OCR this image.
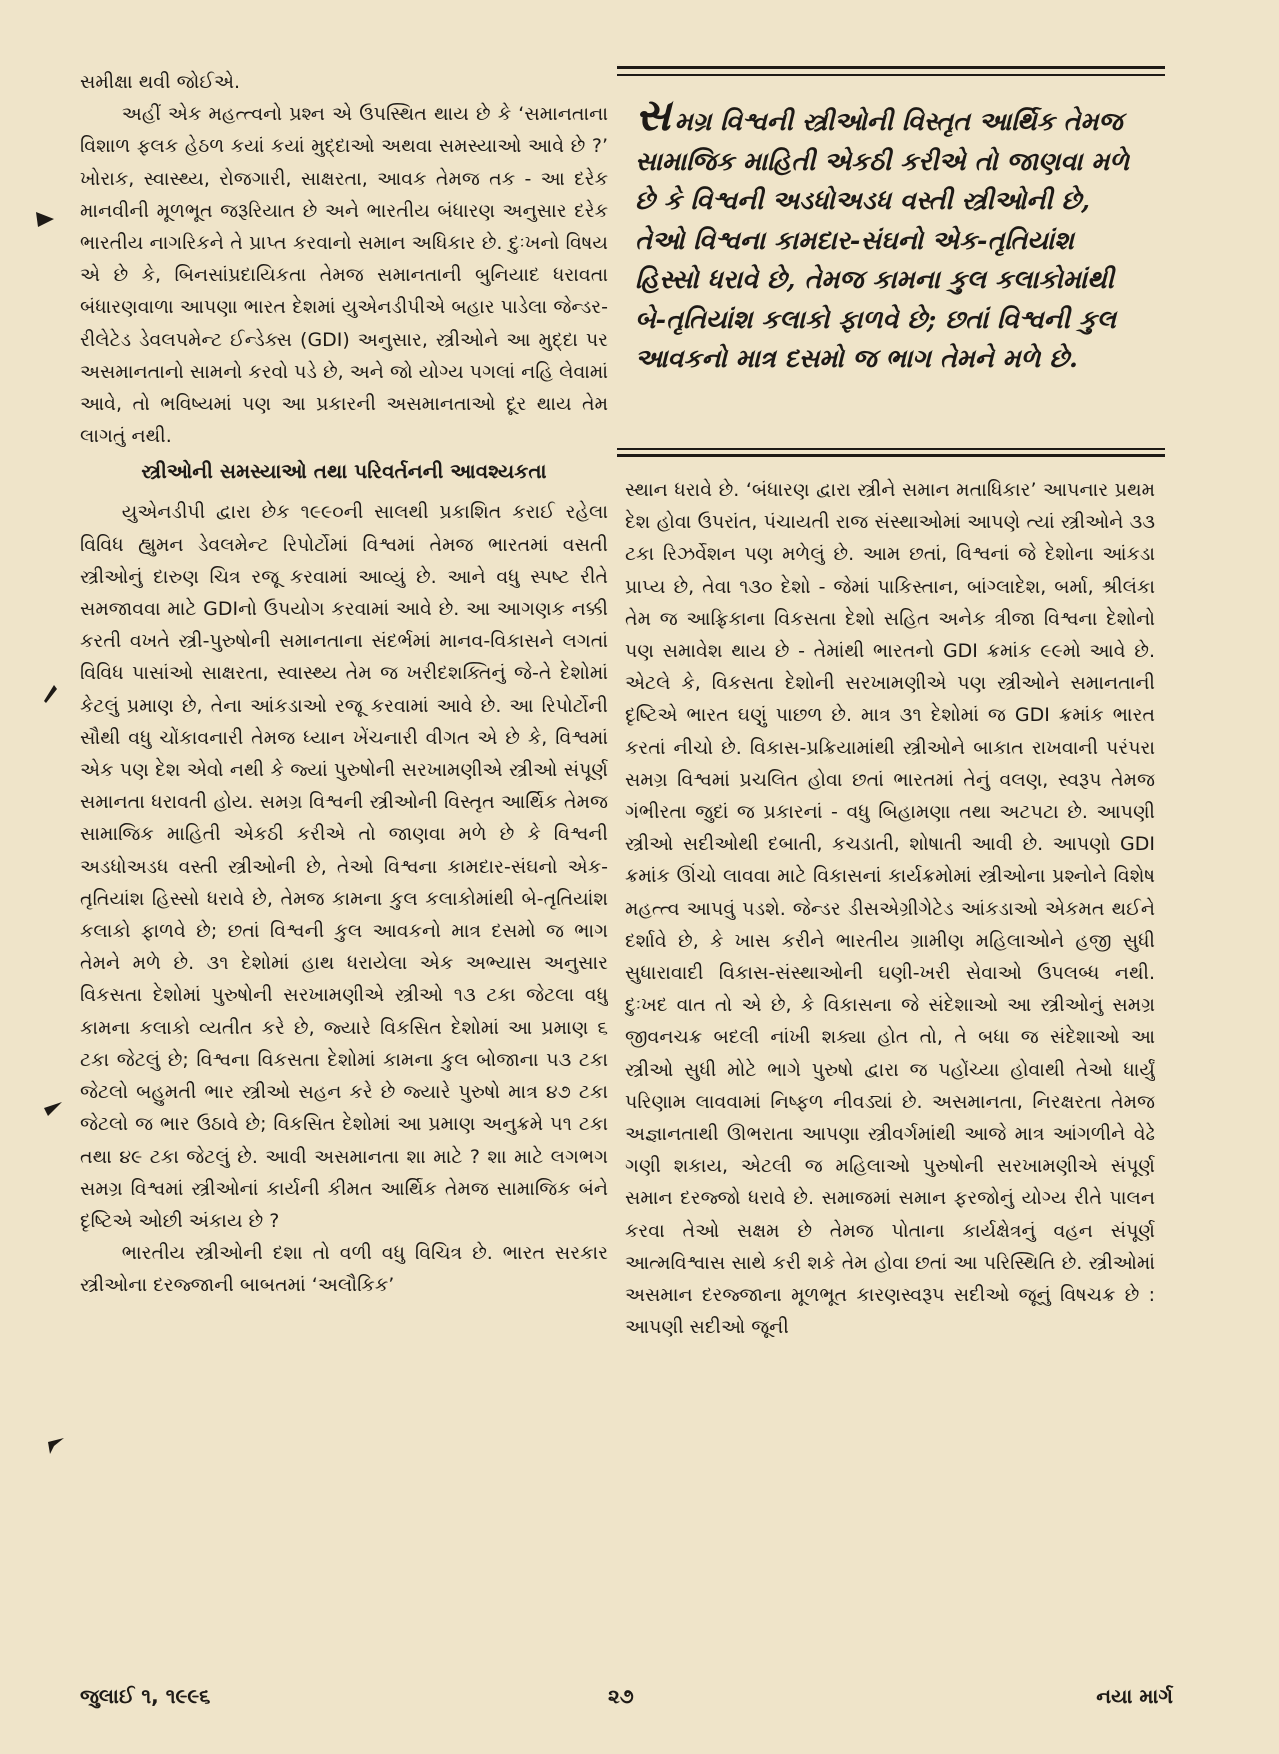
સમીક્ષા થવી જોઈએ.

અહીં એક મહત્ત્વનો પ્રશ્ન એ ઉપસ્થિત થાય છે કે ‘સમાનતાના વિશાળ ફલક હેઠળ કયાં કયાં મુદ્દાઓ અથવા સમસ્યાઓ આવે છે ?’ ખોરાક, સ્વાસ્થ્ય, રોજગારી, સાક્ષરતા, આવક તેમજ તક - આ દરેક માનવીની મૂળભૂત જરૂરિયાત છે અને ભારતીય બંધારણ અનુસાર દરેક ભારતીય નાગરિકને તે પ્રાપ્ત કરવાનો સમાન અધિકાર છે. દુઃખનો વિષય એ છે કે, બિનસાંપ્રદાયિકતા તેમજ સમાનતાની બુનિયાદ ધરાવતા બંધારણવાળા આપણા ભારત દેશમાં યુએનડીપીએ બહાર પાડેલા જેન્ડર-રીલેટેડ ડેવલપમેન્ટ ઈન્ડેક્સ (GDI) અનુસાર, સ્ત્રીઓને આ મુદ્દા પર અસમાનતાનો સામનો કરવો પડે છે, અને જો યોગ્ય પગલાં નહિ લેવામાં આવે, તો ભવિષ્યમાં પણ આ પ્રકારની અસમાનતાઓ દૂર થાય તેમ લાગતું નથી.

સ્ત્રીઓની સમસ્યાઓ તથા પરિવર્તનની આવશ્યકતા

યુએનડીપી દ્વારા છેક ૧૯૯૦ની સાલથી પ્રકાશિત કરાઈ રહેલા વિવિધ હ્યુમન ડેવલમેન્ટ રિપોર્ટોમાં વિશ્વમાં તેમજ ભારતમાં વસતી સ્ત્રીઓનું દારુણ ચિત્ર રજૂ કરવામાં આવ્યું છે. આને વધુ સ્પષ્ટ રીતે સમજાવવા માટે GDIનો ઉપયોગ કરવામાં આવે છે. આ આગણક નક્કી કરતી વખતે સ્ત્રી-પુરુષોની સમાનતાના સંદર્ભમાં માનવ-વિકાસને લગતાં વિવિધ પાસાંઓ સાક્ષરતા, સ્વાસ્થ્ય તેમ જ ખરીદશક્તિનું જે-તે દેશોમાં કેટલું પ્રમાણ છે, તેના આંકડાઓ રજૂ કરવામાં આવે છે. આ રિપોર્ટોની સૌથી વધુ ચોંકાવનારી તેમજ ધ્યાન ખેંચનારી વીગત એ છે કે, વિશ્વમાં એક પણ દેશ એવો નથી કે જ્યાં પુરુષોની સરખામણીએ સ્ત્રીઓ સંપૂર્ણ સમાનતા ધરાવતી હોય. સમગ્ર વિશ્વની સ્ત્રીઓની વિસ્તૃત આર્થિક તેમજ સામાજિક માહિતી એકઠી કરીએ તો જાણવા મળે છે કે વિશ્વની અડધોઅડધ વસ્તી સ્ત્રીઓની છે, તેઓ વિશ્વના કામદાર-સંઘનો એક-તૃતિયાંશ હિસ્સો ધરાવે છે, તેમજ કામના કુલ કલાકોમાંથી બે-તૃતિયાંશ કલાકો ફાળવે છે; છતાં વિશ્વની કુલ આવકનો માત્ર દસમો જ ભાગ તેમને મળે છે. ૩૧ દેશોમાં હાથ ધરાયેલા એક અભ્યાસ અનુસાર વિકસતા દેશોમાં પુરુષોની સરખામણીએ સ્ત્રીઓ ૧૩ ટકા જેટલા વધુ કામના કલાકો વ્યતીત કરે છે, જ્યારે વિકસિત દેશોમાં આ પ્રમાણ ૬ ટકા જેટલું છે; વિશ્વના વિકસતા દેશોમાં કામના કુલ બોજાના ૫૩ ટકા જેટલો બહુમતી ભાર સ્ત્રીઓ સહન કરે છે જ્યારે પુરુષો માત્ર ૪૭ ટકા જેટલો જ ભાર ઉઠાવે છે; વિકસિત દેશોમાં આ પ્રમાણ અનુક્રમે ૫૧ ટકા તથા ૪૯ ટકા જેટલું છે. આવી અસમાનતા શા માટે ? શા માટે લગભગ સમગ્ર વિશ્વમાં સ્ત્રીઓનાં કાર્યની કીમત આર્થિક તેમજ સામાજિક બંને દૃષ્ટિએ ઓછી અંકાય છે ?

ભારતીય સ્ત્રીઓની દશા તો વળી વધુ વિચિત્ર છે. ભારત સરકાર સ્ત્રીઓના દરજ્જાની બાબતમાં ‘અલૌકિક’

સમગ્ર વિશ્વની સ્ત્રીઓની વિસ્તૃત આર્થિક તેમજ સામાજિક માહિતી એકઠી કરીએ તો જાણવા મળે છે કે વિશ્વની અડધોઅડધ વસ્તી સ્ત્રીઓની છે, તેઓ વિશ્વના કામદાર-સંઘનો એક-તૃતિયાંશ હિસ્સો ધરાવે છે, તેમજ કામના કુલ કલાકોમાંથી બે-તૃતિયાંશ કલાકો ફાળવે છે; છતાં વિશ્વની કુલ આવકનો માત્ર દસમો જ ભાગ તેમને મળે છે.

સ્થાન ધરાવે છે. ‘બંધારણ દ્વારા સ્ત્રીને સમાન મતાધિકાર’ આપનાર પ્રથમ દેશ હોવા ઉપરાંત, પંચાયતી રાજ સંસ્થાઓમાં આપણે ત્યાં સ્ત્રીઓને ૩૩ ટકા રિઝર્વેશન પણ મળેલું છે. આમ છતાં, વિશ્વનાં જે દેશોના આંકડા પ્રાપ્ય છે, તેવા ૧૩૦ દેશો - જેમાં પાકિસ્તાન, બાંગ્લાદેશ, બર્મા, શ્રીલંકા તેમ જ આફ્રિકાના વિકસતા દેશો સહિત અનેક ત્રીજા વિશ્વના દેશોનો પણ સમાવેશ થાય છે - તેમાંથી ભારતનો GDI ક્રમાંક ૯૯મો આવે છે. એટલે કે, વિકસતા દેશોની સરખામણીએ પણ સ્ત્રીઓને સમાનતાની દૃષ્ટિએ ભારત ઘણું પાછળ છે. માત્ર ૩૧ દેશોમાં જ GDI ક્રમાંક ભારત કરતાં નીચો છે. વિકાસ-પ્રક્રિયામાંથી સ્ત્રીઓને બાકાત રાખવાની પરંપરા સમગ્ર વિશ્વમાં પ્રચલિત હોવા છતાં ભારતમાં તેનું વલણ, સ્વરૂપ તેમજ ગંભીરતા જુદાં જ પ્રકારનાં - વધુ બિહામણા તથા અટપટા છે. આપણી સ્ત્રીઓ સદીઓથી દબાતી, કચડાતી, શોષાતી આવી છે. આપણો GDI ક્રમાંક ઊંચો લાવવા માટે વિકાસનાં કાર્યક્રમોમાં સ્ત્રીઓના પ્રશ્નોને વિશેષ મહત્ત્વ આપવું પડશે. જેન્ડર ડીસએગ્રીગેટેડ આંકડાઓ એકમત થઈને દર્શાવે છે, કે ખાસ કરીને ભારતીય ગ્રામીણ મહિલાઓને હજી સુધી સુધારાવાદી વિકાસ-સંસ્થાઓની ઘણી-ખરી સેવાઓ ઉપલબ્ધ નથી. દુઃખદ વાત તો એ છે, કે વિકાસના જે સંદેશાઓ આ સ્ત્રીઓનું સમગ્ર જીવનચક્ર બદલી નાંખી શક્યા હોત તો, તે બધા જ સંદેશાઓ આ સ્ત્રીઓ સુધી મોટે ભાગે પુરુષો દ્વારા જ પહોંચ્યા હોવાથી તેઓ ધાર્યું પરિણામ લાવવામાં નિષ્ફળ નીવડ્યાં છે. અસમાનતા, નિરક્ષરતા તેમજ અજ્ઞાનતાથી ઊભરાતા આપણા સ્ત્રીવર્ગમાંથી આજે માત્ર આંગળીને વેઢે ગણી શકાય, એટલી જ મહિલાઓ પુરુષોની સરખામણીએ સંપૂર્ણ સમાન દરજ્જો ધરાવે છે. સમાજમાં સમાન ફરજોનું યોગ્ય રીતે પાલન કરવા તેઓ સક્ષમ છે તેમજ પોતાના કાર્યક્ષેત્રનું વહન સંપૂર્ણ આત્મવિશ્વાસ સાથે કરી શકે તેમ હોવા છતાં આ પરિસ્થિતિ છે. સ્ત્રીઓમાં અસમાન દરજ્જાના મૂળભૂત કારણસ્વરૂપ સદીઓ જૂનું વિષચક્ર છે : આપણી સદીઓ જૂની

જુલાઈ ૧, ૧૯૯૬	૨૭	નયા માર્ગ
